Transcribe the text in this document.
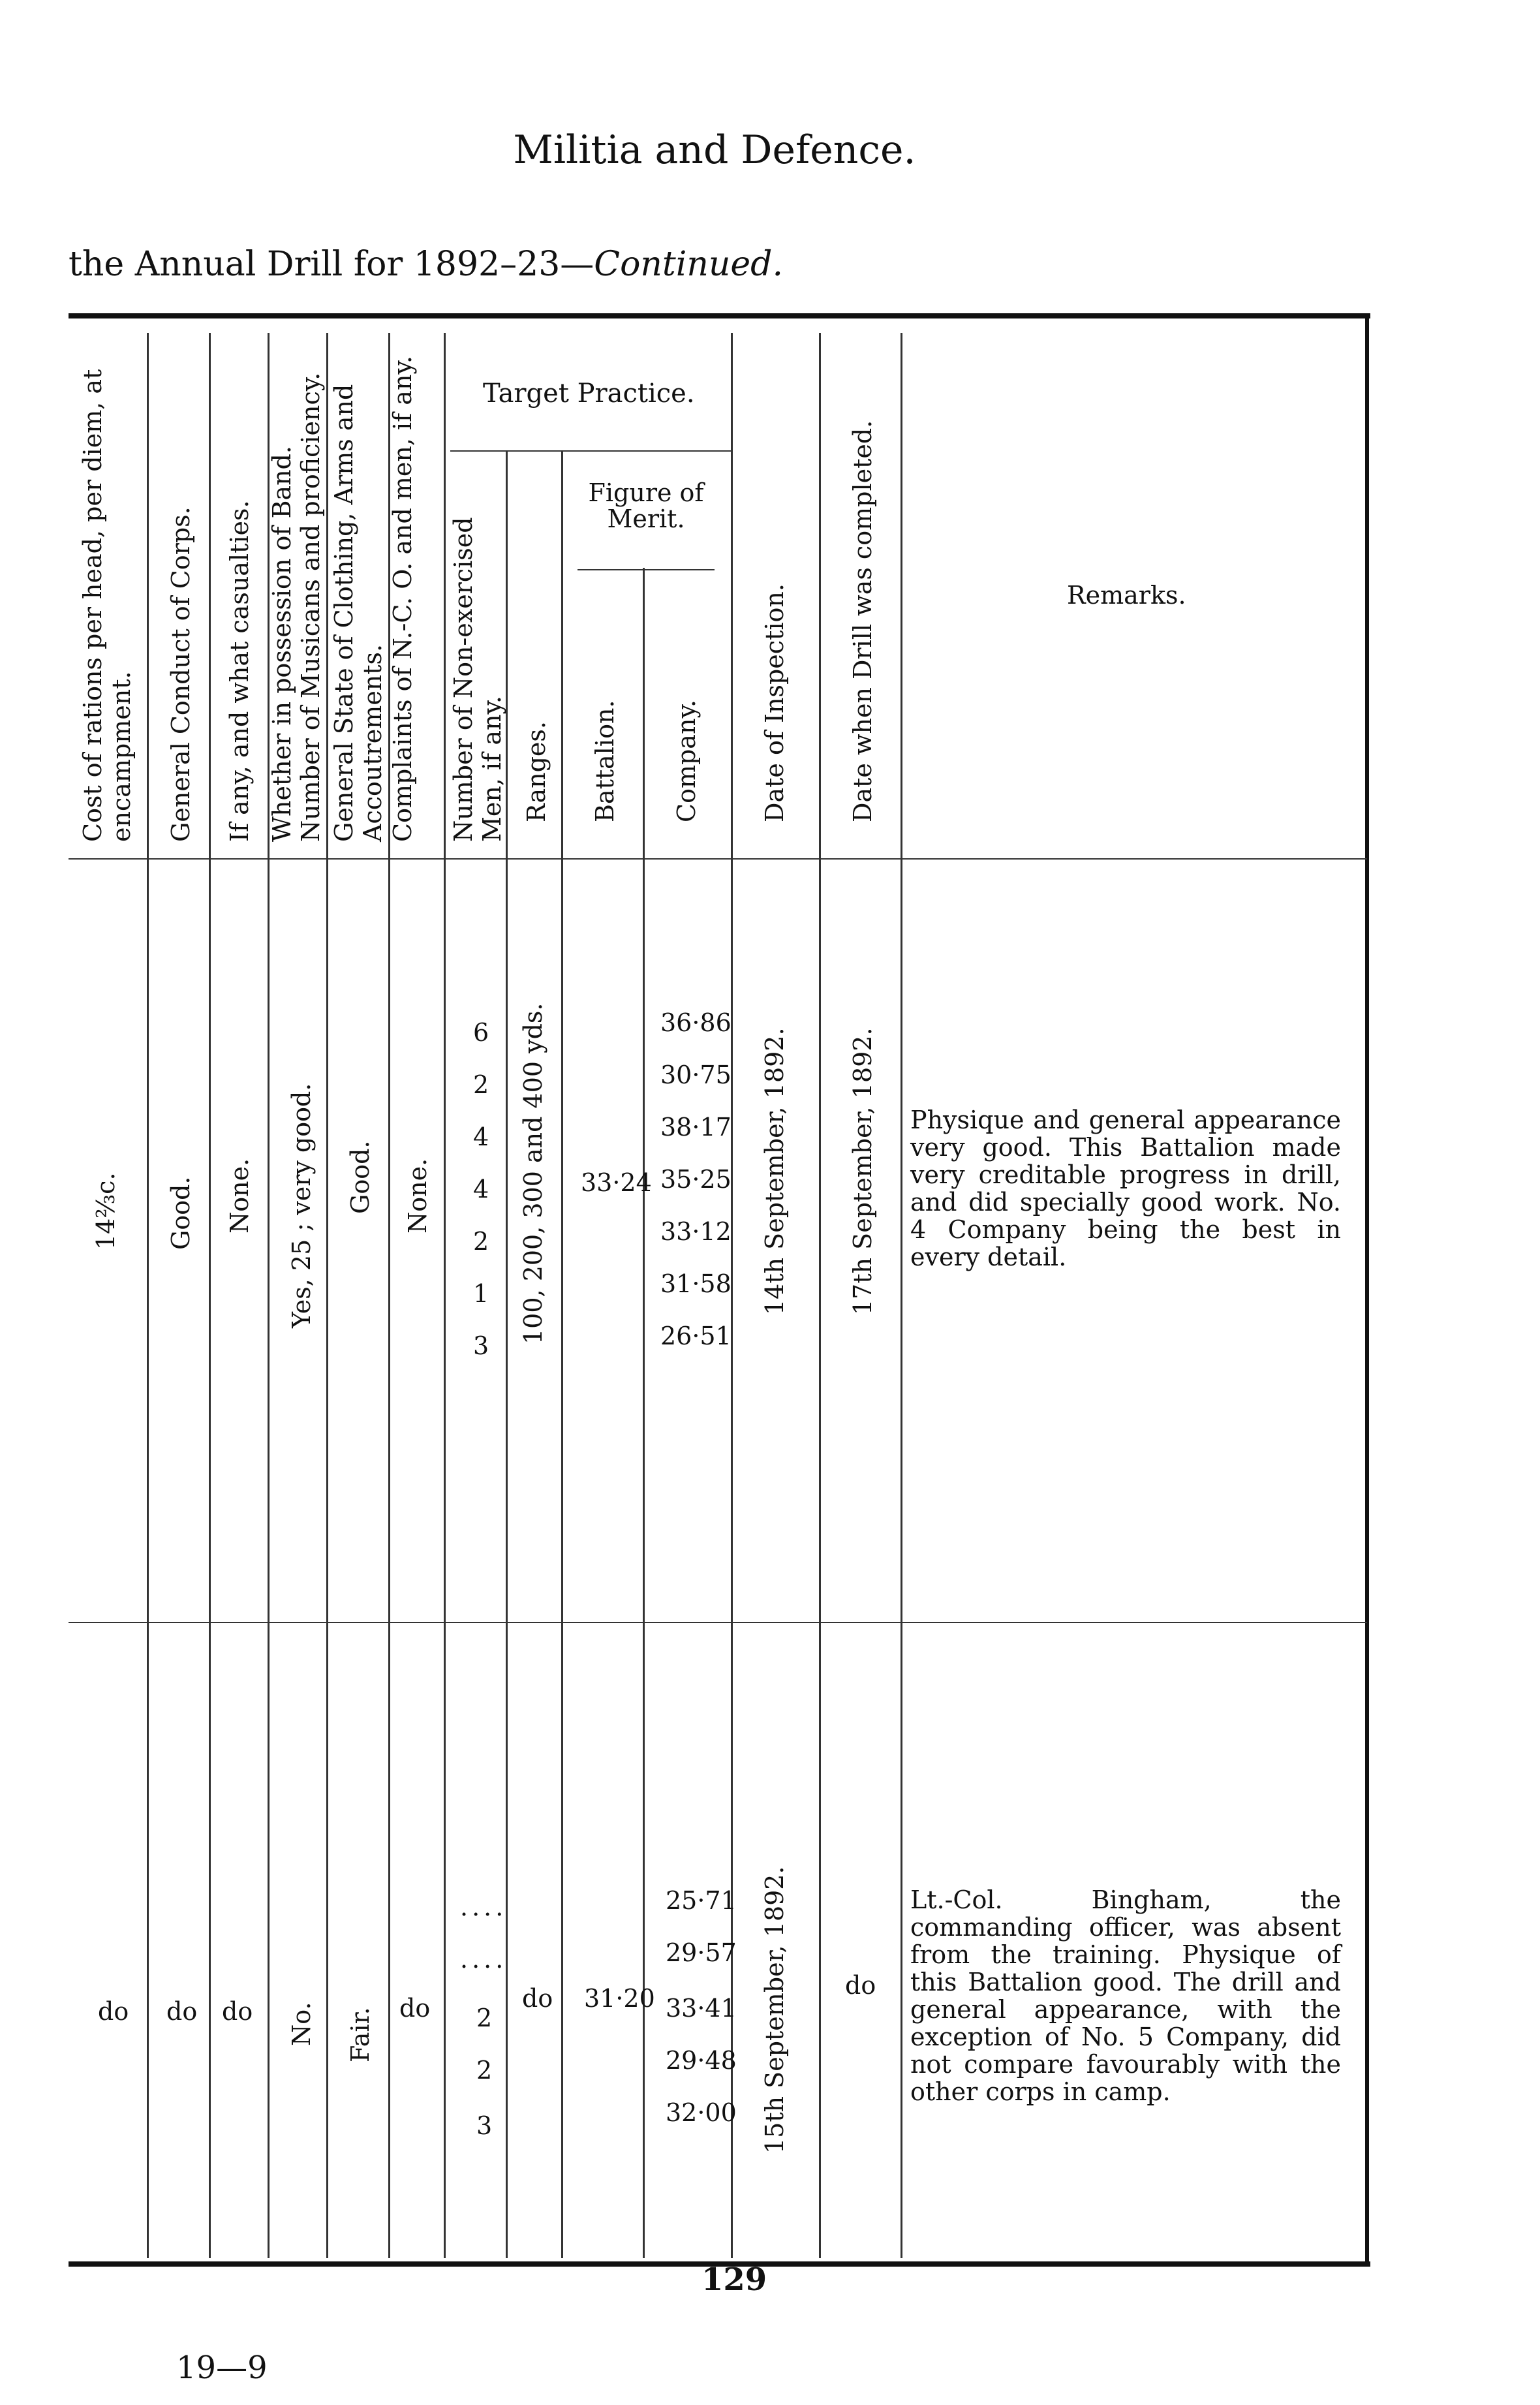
Militia and Defence.
the Annual Drill for 1892–23—Continued.
Cost of rations per head, per diem, at encampment. General Conduct of Corps. If any, and what casualties. Whether in possession of Band. Number of Musicans and proficiency. General State of Clothing, Arms and Accoutrements. Complaints of N.-C. O. and men, if any.	Target Practice.
Number of Non-exercised Men, if any. Ranges.
Figure of Merit.
Battalion. Company. Date of Inspection. Date when Drill was completed.	Remarks.
14⅔c. Good. None. Yes, 25 ; very good. Good. None.
6
2
4
4
2
1
3
100, 200, 300 and 400 yds. 33·24
36·86
30·75
38·17
35·25
33·12
31·58
26·51
14th September, 1892. 17th September, 1892. Physique and general appearance very good. This Battalion made very creditable progress in drill, and did specially good work. No. 4 Company being the best in every detail.
do do do No. Fair. do
....
....
2
2
3
do 31·20
25·71
29·57
33·41
29·48
32·00 15th September, 1892. do
Lt.-Col. Bingham, the commanding officer, was absent from the training. Physique of this Battalion good. The drill and general appearance, with the exception of No. 5 Company, did not compare favourably with the other corps in camp.
129
19—9
